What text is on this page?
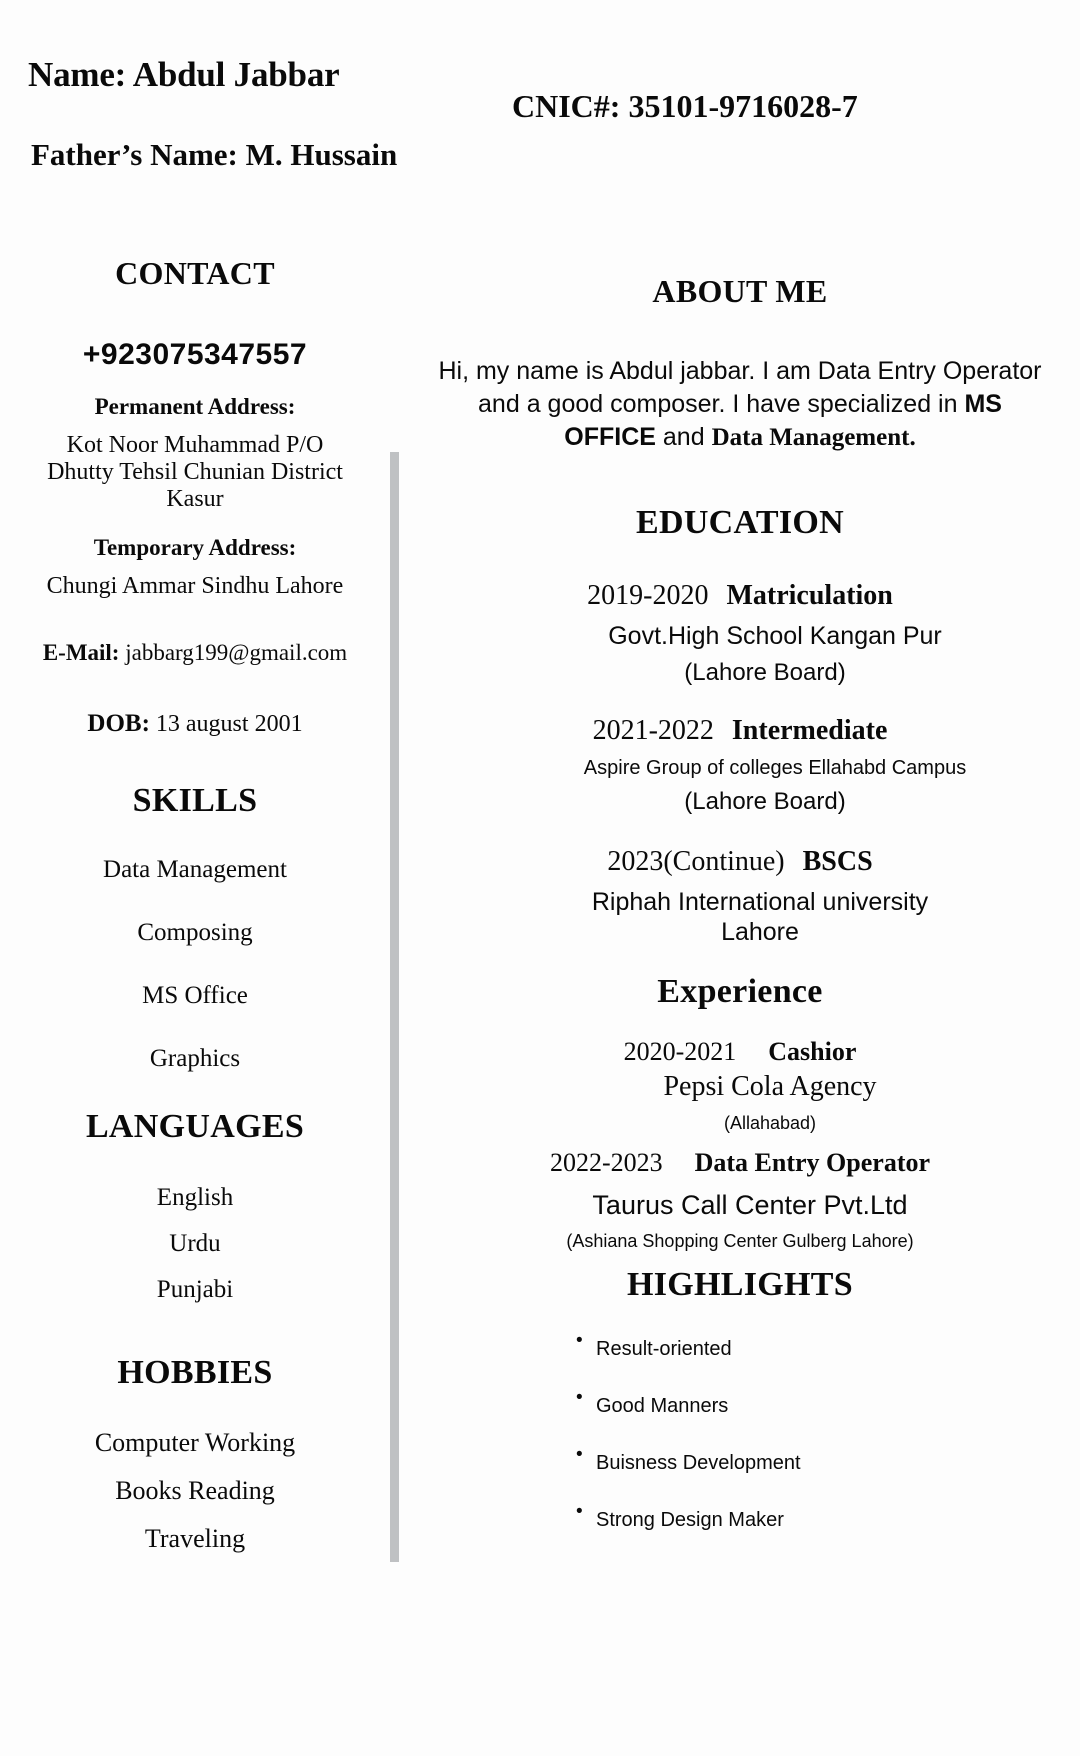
Name: Abdul Jabbar
CNIC#: 35101-9716028-7
Father’s Name: M. Hussain
CONTACT
+923075347557
Permanent Address:
Kot Noor Muhammad P/O Dhutty Tehsil Chunian District Kasur
Temporary Address:
Chungi Ammar Sindhu Lahore
E-Mail: jabbarg199@gmail.com
DOB: 13 august 2001
SKILLS
Data Management
Composing
MS Office
Graphics
LANGUAGES
English
Urdu
Punjabi
HOBBIES
Computer Working
Books Reading
Traveling
ABOUT ME
Hi, my name is Abdul jabbar. I am Data Entry Operator and a good composer. I have specialized in MS OFFICE and Data Management.
EDUCATION
2019-2020 Matriculation
Govt.High School Kangan Pur
(Lahore Board)
2021-2022 Intermediate
Aspire Group of colleges Ellahabd Campus
(Lahore Board)
2023(Continue) BSCS
Riphah International university Lahore
Experience
2020-2021 Cashior
Pepsi Cola Agency
(Allahabad)
2022-2023 Data Entry Operator
Taurus Call Center Pvt.Ltd
(Ashiana Shopping Center Gulberg Lahore)
HIGHLIGHTS
• Result-oriented
• Good Manners
• Buisness Development
• Strong Design Maker
